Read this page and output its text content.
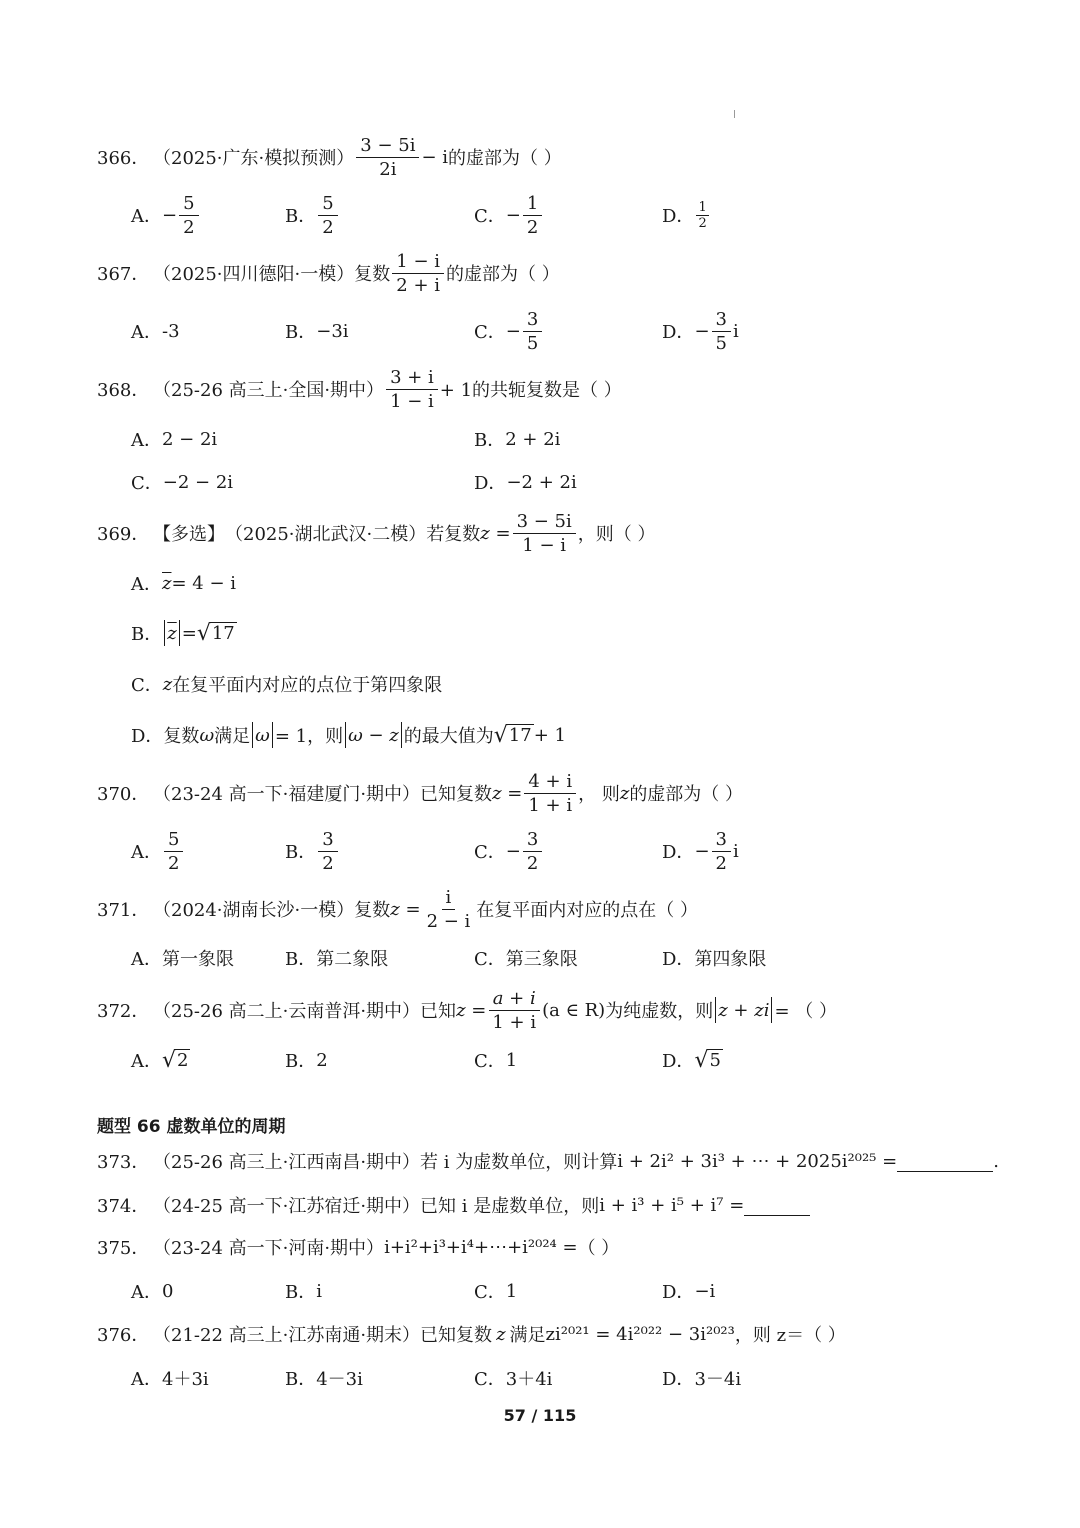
366． （2025·广东·模拟预测） $\frac{3 - 5i}{2i} - i$ 的虚部为（ ）
A． − $\frac{5}{2}$	B． $\frac{5}{2}$	C． − $\frac{1}{2}$	D． $\frac{1}{2}$
367． （2025·四川德阳·一模）复数 $\frac{1 - i}{2 + i}$ 的虚部为（ ）
A． -3	B． −3i	C． − $\frac{3}{5}$	D． − $\frac{3}{5}$ i
368． （25-26 高三上·全国·期中） $\frac{3 + i}{1 - i} + 1$的共轭复数是（ ）
A． 2 − 2i	B． 2 + 2i
C． −2 − 2i	D． −2 + 2i
369． 【多选】 （2025·湖北武汉·二模）若复数 $z = \frac{3 - 5i}{1 - i}$ ，则（ ）
A． $\overline{z} = 4 - i$
B． $\overline{z}$ = √ 17
C． z 在复平面内对应的点位于第四象限
D． 复数 ω 满足 ω = 1，则 ω − z 的最大值为 √ 17 + 1
370． （23-24 高一下·福建厦门·期中）已知复数 $z = \frac{4 + i}{1 + i}$ ， 则 z 的虚部为（ ）
A． $\frac{5}{2}$	B． $\frac{3}{2}$	C． − $\frac{3}{2}$	D． − $\frac{3}{2}$ i
371． （2024·湖南长沙·一模）复数 $z = \frac{i}{2 - i}$ 在复平面内对应的点在（ ）
A． 第一象限	B． 第二象限	C． 第三象限	D． 第四象限
372． （25-26 高二上·云南普洱·期中）已知 $z = \frac{a + i}{1 + i} (a$ ∈ R) 为纯虚数，则 z + zi = （ ）
A． √ 2	B． 2	C． 1	D． √ 5
题型 66 虚数单位的周期
373． （25-26 高三上·江西南昌·期中）若 i 为虚数单位，则计算 i + 2i² + 3i³ + ⋯ + 2025i²⁰²⁵ =	.
374． （24-25 高一下·江苏宿迁·期中）已知 i 是虚数单位，则 i + i³ + i⁵ + i⁷ =
375． （23-24 高一下·河南·期中） i+i²+i³+i⁴+⋯+i²⁰²⁴ = （ ）
A． 0	B． i	C． 1	D． −i
376． （21-22 高三上·江苏南通·期末）已知复数 z 满足 zi²⁰²¹ = 4i²⁰²² − 3i²⁰²³ ，则 z＝（ ）
A． 4＋3i	B． 4－3i	C． 3＋4i	D． 3－4i
57 / 115
